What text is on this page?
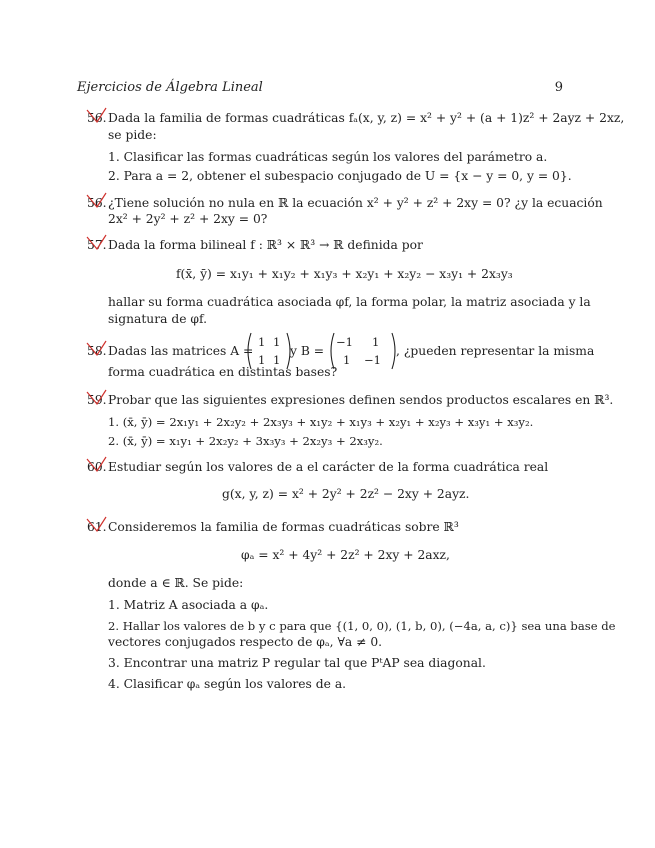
Ejercicios de Álgebra Lineal	9
56. Dada la familia de formas cuadráticas fₐ(x, y, z) = x² + y² + (a + 1)z² + 2ayz + 2xz,
se pide:
1. Clasificar las formas cuadráticas según los valores del parámetro a.
2. Para a = 2, obtener el subespacio conjugado de U = {x − y = 0, y = 0}.
56. ¿Tiene solución no nula en ℝ la ecuación x² + y² + z² + 2xy = 0? ¿y la ecuación
2x² + 2y² + z² + 2xy = 0?
57. Dada la forma bilineal f : ℝ³ × ℝ³ → ℝ definida por
f(x̄, ȳ) = x₁y₁ + x₁y₂ + x₁y₃ + x₂y₁ + x₂y₂ − x₃y₁ + 2x₃y₃
hallar su forma cuadrática asociada φf, la forma polar, la matriz asociada y la
signatura de φf.
58. Dadas las matrices A =
1 1
1 1
y B =
−1 1
1 −1
, ¿pueden representar la misma
forma cuadrática en distintas bases?
59. Probar que las siguientes expresiones definen sendos productos escalares en ℝ³.
1. (x̄, ȳ) = 2x₁y₁ + 2x₂y₂ + 2x₃y₃ + x₁y₂ + x₁y₃ + x₂y₁ + x₂y₃ + x₃y₁ + x₃y₂.
2. (x̄, ȳ) = x₁y₁ + 2x₂y₂ + 3x₃y₃ + 2x₂y₃ + 2x₃y₂.
60. Estudiar según los valores de a el carácter de la forma cuadrática real
g(x, y, z) = x² + 2y² + 2z² − 2xy + 2ayz.
61. Consideremos la familia de formas cuadráticas sobre ℝ³
φₐ = x² + 4y² + 2z² + 2xy + 2axz,
donde a ∈ ℝ. Se pide:
1. Matriz A asociada a φₐ.
2. Hallar los valores de b y c para que {(1, 0, 0), (1, b, 0), (−4a, a, c)} sea una base de
vectores conjugados respecto de φₐ, ∀a ≠ 0.
3. Encontrar una matriz P regular tal que PᵗAP sea diagonal.
4. Clasificar φₐ según los valores de a.
